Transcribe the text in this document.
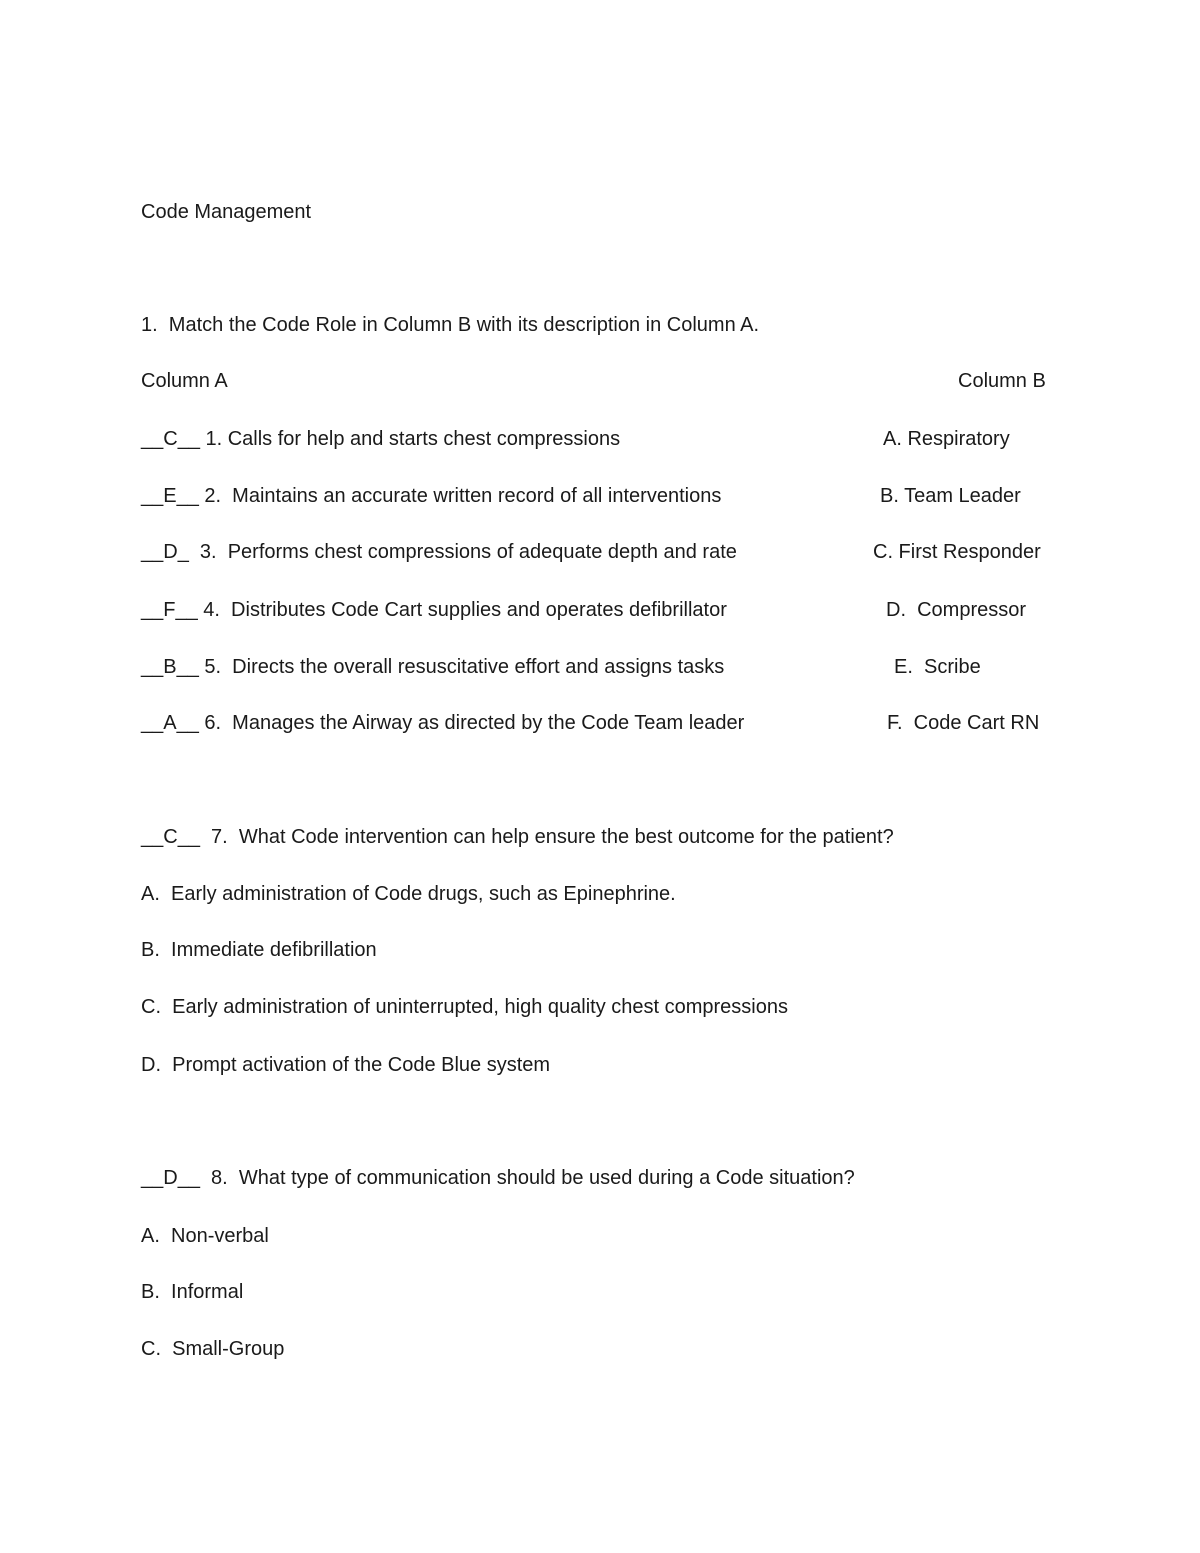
Code Management
1.  Match the Code Role in Column B with its description in Column A.
Column A	Column B
__C__ 1. Calls for help and starts chest compressions
__E__ 2.  Maintains an accurate written record of all interventions
__D_  3.  Performs chest compressions of adequate depth and rate
__F__ 4.  Distributes Code Cart supplies and operates defibrillator
__B__ 5.  Directs the overall resuscitative effort and assigns tasks
__A__ 6.  Manages the Airway as directed by the Code Team leader
A. Respiratory
B. Team Leader
C. First Responder
D.  Compressor
E.  Scribe
F.  Code Cart RN
__C__  7.  What Code intervention can help ensure the best outcome for the patient?
A.  Early administration of Code drugs, such as Epinephrine.
B.  Immediate defibrillation
C.  Early administration of uninterrupted, high quality chest compressions
D.  Prompt activation of the Code Blue system
__D__  8.  What type of communication should be used during a Code situation?
A.  Non-verbal
B.  Informal
C.  Small-Group
